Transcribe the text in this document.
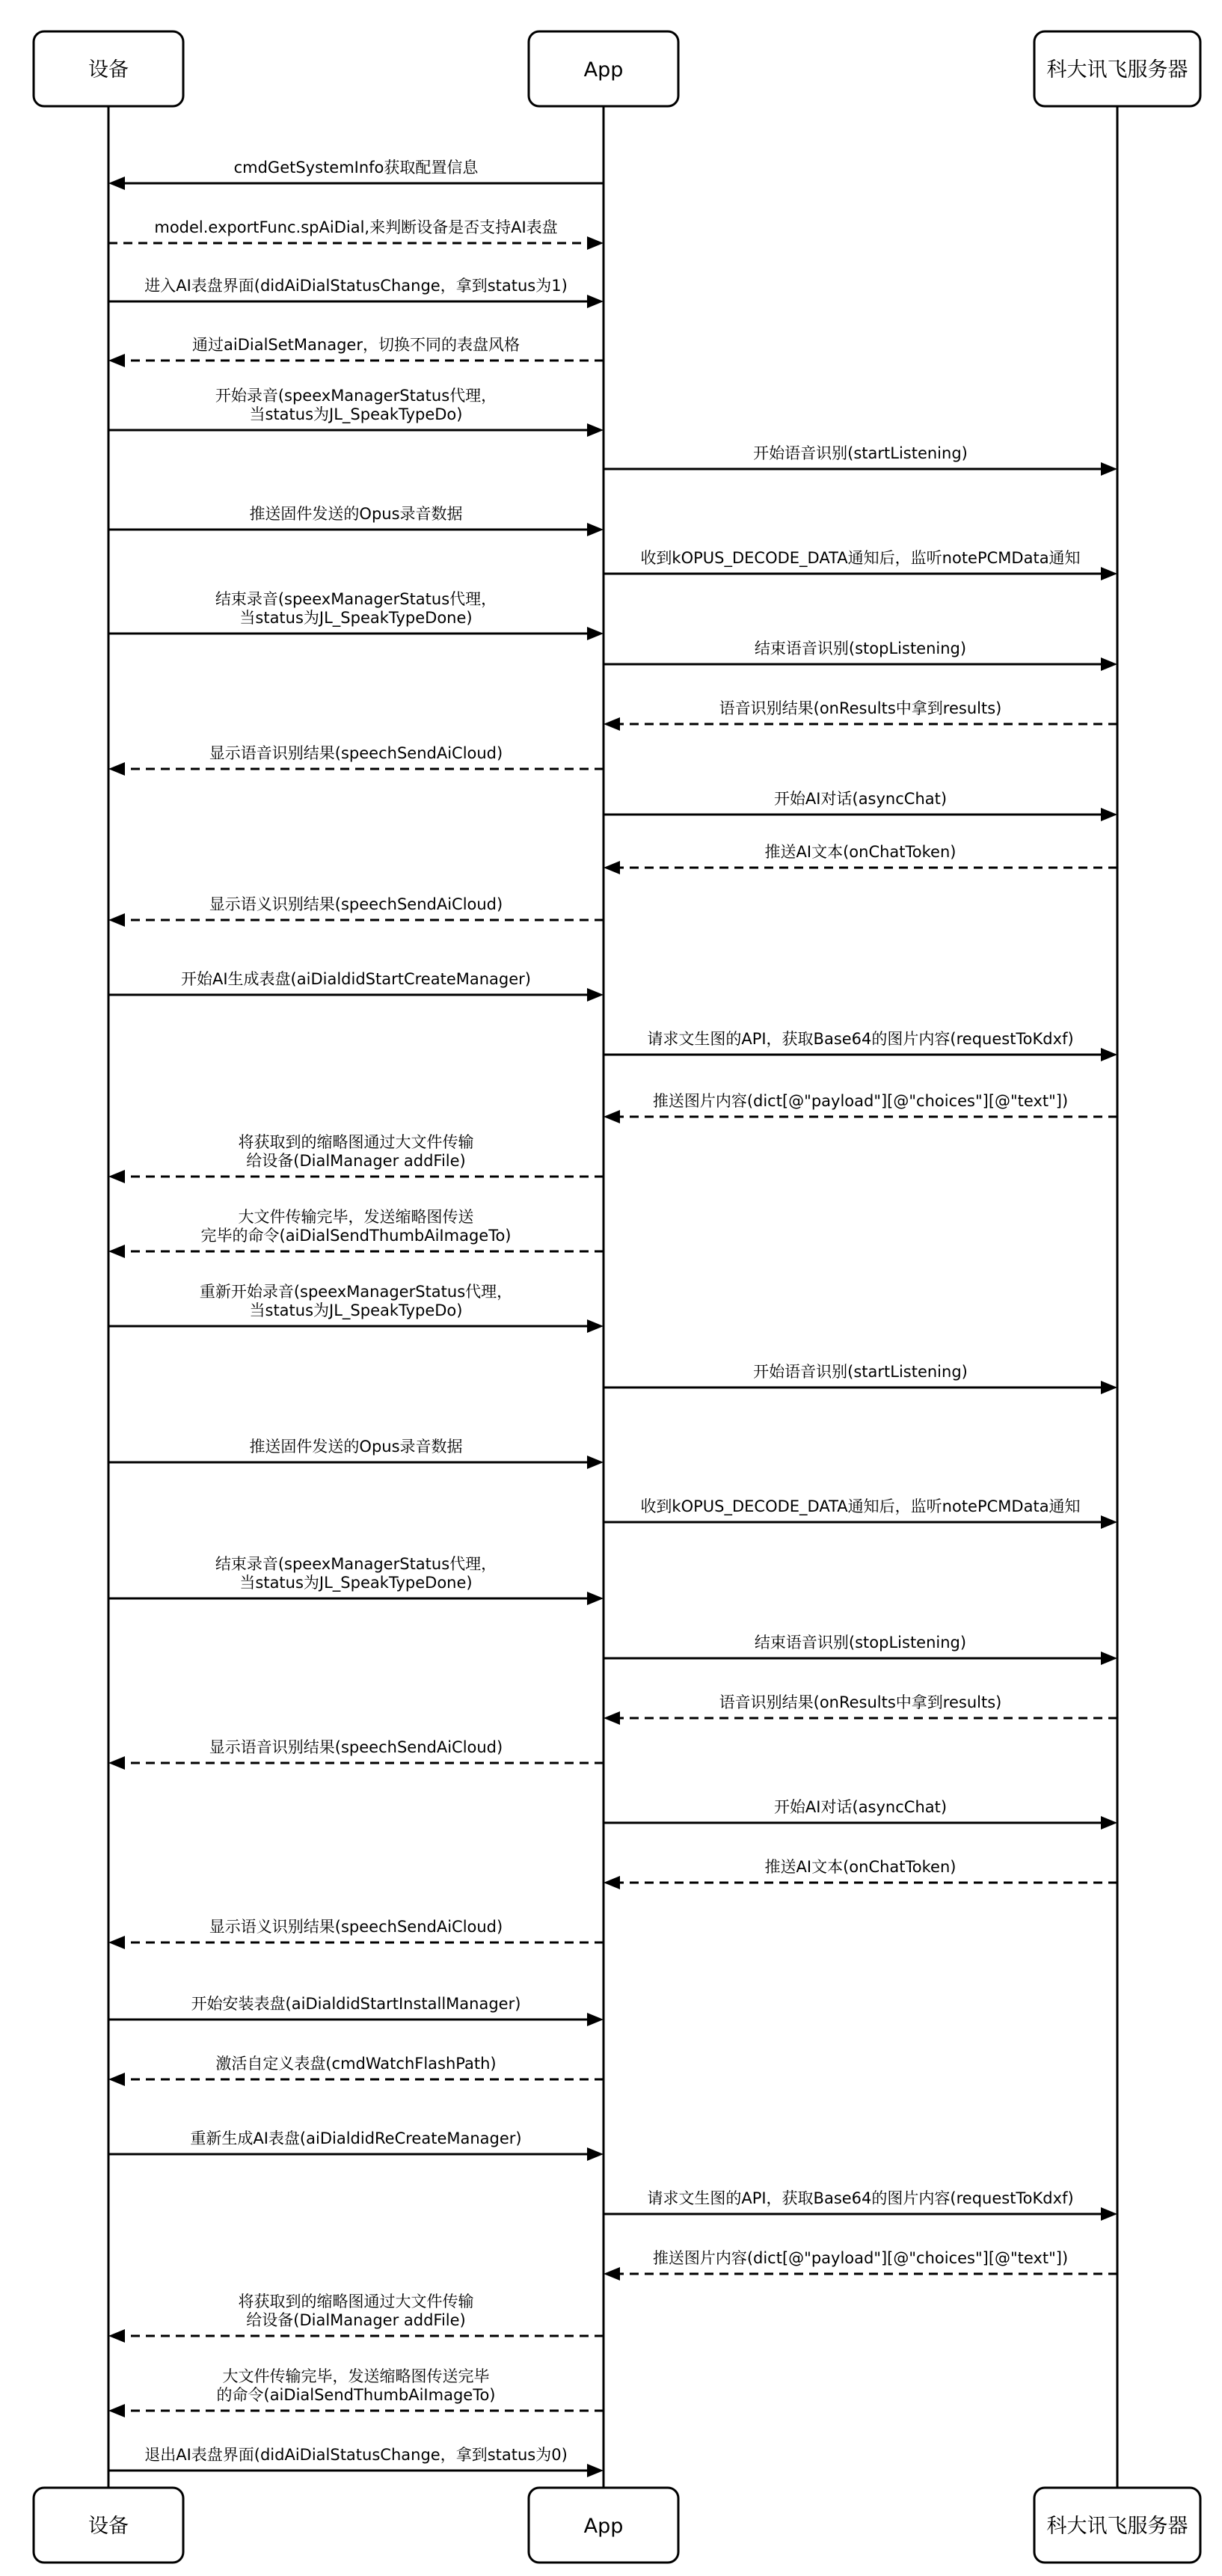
cmdGetSystemInfo获取配置信息
model.exportFunc.spAiDial,来判断设备是否支持AI表盘
进入AI表盘界面(didAiDialStatusChange，拿到status为1)
通过aiDialSetManager，切换不同的表盘风格
开始录音(speexManagerStatus代理，
当status为JL_SpeakTypeDo)
开始语音识别(startListening)
推送固件发送的Opus录音数据
收到kOPUS_DECODE_DATA通知后，监听notePCMData通知
结束录音(speexManagerStatus代理，
当status为JL_SpeakTypeDone)
结束语音识别(stopListening)
语音识别结果(onResults中拿到results)
显示语音识别结果(speechSendAiCloud)
开始AI对话(asyncChat)
推送AI文本(onChatToken)
显示语义识别结果(speechSendAiCloud)
开始AI生成表盘(aiDialdidStartCreateManager)
请求文生图的API，获取Base64的图片内容(requestToKdxf)
推送图片内容(dict[@"payload"][@"choices"][@"text"])
将获取到的缩略图通过大文件传输
给设备(DialManager addFile)
大文件传输完毕，发送缩略图传送
完毕的命令(aiDialSendThumbAiImageTo)
重新开始录音(speexManagerStatus代理，
当status为JL_SpeakTypeDo)
开始语音识别(startListening)
推送固件发送的Opus录音数据
收到kOPUS_DECODE_DATA通知后，监听notePCMData通知
结束录音(speexManagerStatus代理，
当status为JL_SpeakTypeDone)
结束语音识别(stopListening)
语音识别结果(onResults中拿到results)
显示语音识别结果(speechSendAiCloud)
开始AI对话(asyncChat)
推送AI文本(onChatToken)
显示语义识别结果(speechSendAiCloud)
开始安装表盘(aiDialdidStartInstallManager)
激活自定义表盘(cmdWatchFlashPath)
重新生成AI表盘(aiDialdidReCreateManager)
请求文生图的API，获取Base64的图片内容(requestToKdxf)
推送图片内容(dict[@"payload"][@"choices"][@"text"])
将获取到的缩略图通过大文件传输
给设备(DialManager addFile)
大文件传输完毕，发送缩略图传送完毕
的命令(aiDialSendThumbAiImageTo)
退出AI表盘界面(didAiDialStatusChange，拿到status为0)
设备	App	科大讯飞服务器
设备	App	科大讯飞服务器
